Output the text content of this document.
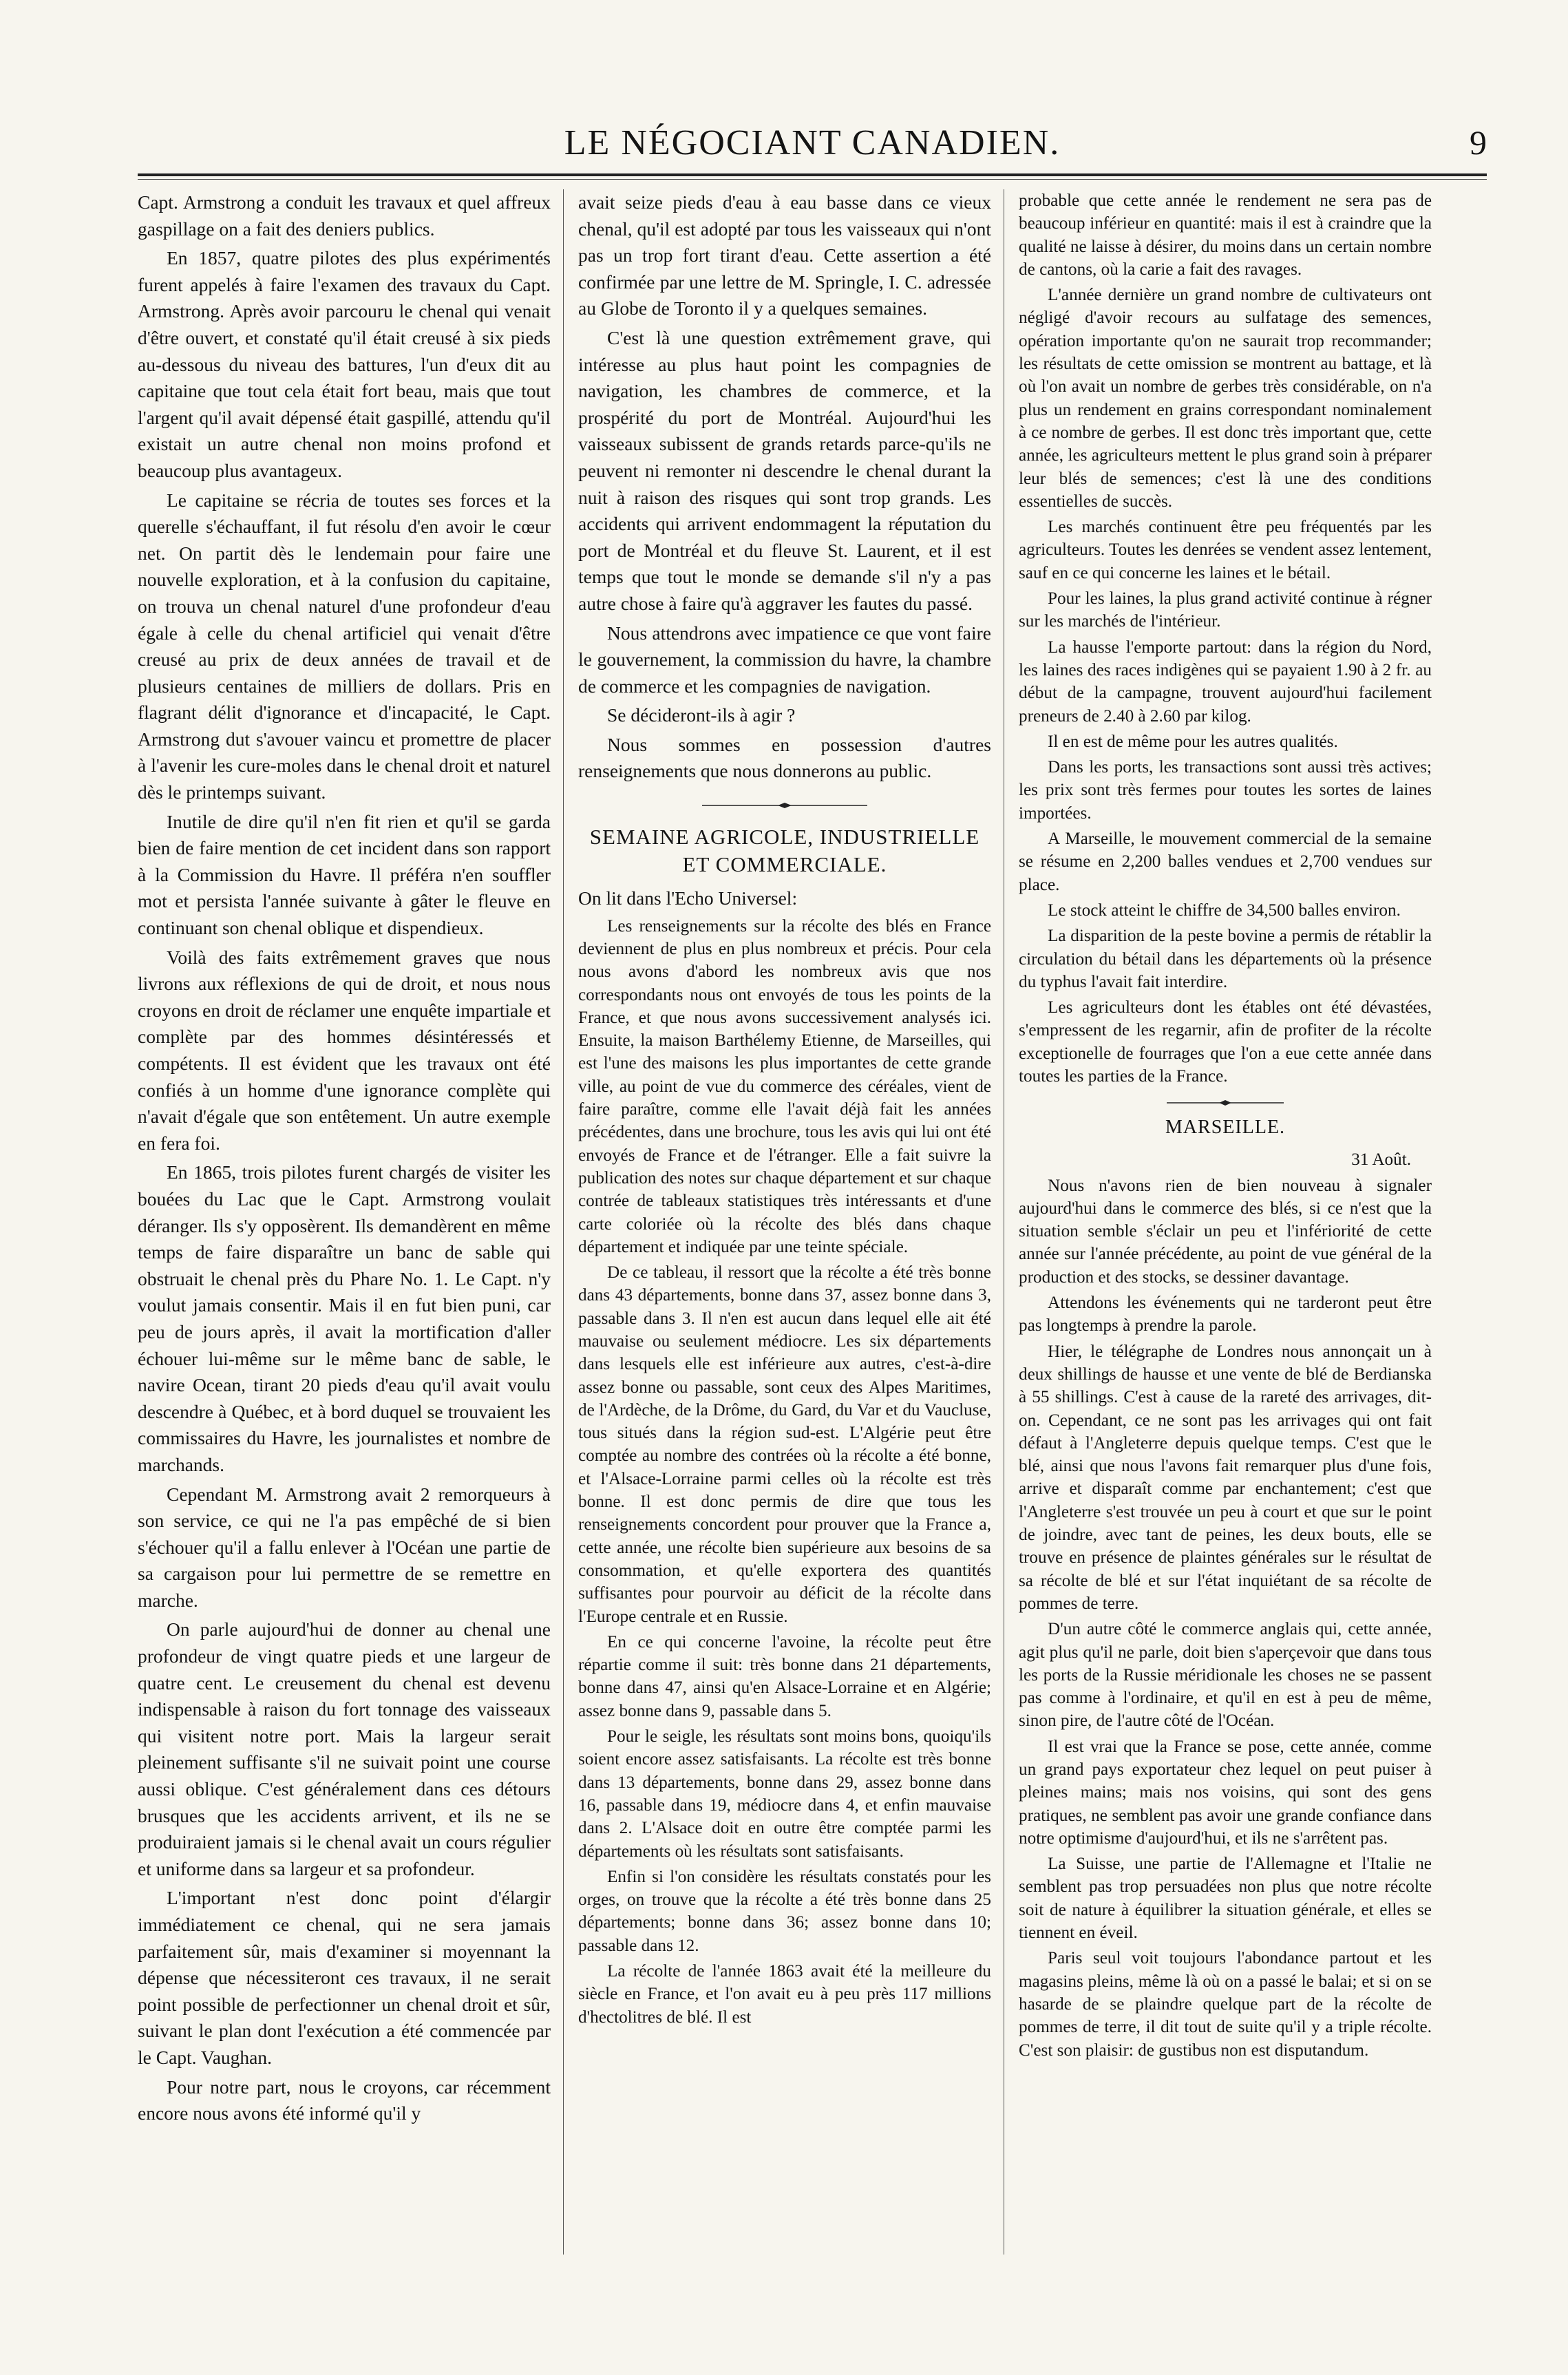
LE NÉGOCIANT CANADIEN.	9

Capt. Armstrong a conduit les travaux et quel affreux gaspillage on a fait des deniers publics.

En 1857, quatre pilotes des plus expérimentés furent appelés à faire l'examen des travaux du Capt. Armstrong. Après avoir parcouru le chenal qui venait d'être ouvert, et constaté qu'il était creusé à six pieds au-dessous du niveau des battures, l'un d'eux dit au capitaine que tout cela était fort beau, mais que tout l'argent qu'il avait dépensé était gaspillé, attendu qu'il existait un autre chenal non moins profond et beaucoup plus avantageux.

Le capitaine se récria de toutes ses forces et la querelle s'échauffant, il fut résolu d'en avoir le cœur net. On partit dès le lendemain pour faire une nouvelle exploration, et à la confusion du capitaine, on trouva un chenal naturel d'une profondeur d'eau égale à celle du chenal artificiel qui venait d'être creusé au prix de deux années de travail et de plusieurs centaines de milliers de dollars. Pris en flagrant délit d'ignorance et d'incapacité, le Capt. Armstrong dut s'avouer vaincu et promettre de placer à l'avenir les cure-moles dans le chenal droit et naturel dès le printemps suivant.

Inutile de dire qu'il n'en fit rien et qu'il se garda bien de faire mention de cet incident dans son rapport à la Commission du Havre. Il préféra n'en souffler mot et persista l'année suivante à gâter le fleuve en continuant son chenal oblique et dispendieux.

Voilà des faits extrêmement graves que nous livrons aux réflexions de qui de droit, et nous nous croyons en droit de réclamer une enquête impartiale et complète par des hommes désintéressés et compétents. Il est évident que les travaux ont été confiés à un homme d'une ignorance complète qui n'avait d'égale que son entêtement. Un autre exemple en fera foi.

En 1865, trois pilotes furent chargés de visiter les bouées du Lac que le Capt. Armstrong voulait déranger. Ils s'y opposèrent. Ils demandèrent en même temps de faire disparaître un banc de sable qui obstruait le chenal près du Phare No. 1. Le Capt. n'y voulut jamais consentir. Mais il en fut bien puni, car peu de jours après, il avait la mortification d'aller échouer lui-même sur le même banc de sable, le navire Ocean, tirant 20 pieds d'eau qu'il avait voulu descendre à Québec, et à bord duquel se trouvaient les commissaires du Havre, les journalistes et nombre de marchands.

Cependant M. Armstrong avait 2 remorqueurs à son service, ce qui ne l'a pas empêché de si bien s'échouer qu'il a fallu enlever à l'Océan une partie de sa cargaison pour lui permettre de se remettre en marche.

On parle aujourd'hui de donner au chenal une profondeur de vingt quatre pieds et une largeur de quatre cent. Le creusement du chenal est devenu indispensable à raison du fort tonnage des vaisseaux qui visitent notre port. Mais la largeur serait pleinement suffisante s'il ne suivait point une course aussi oblique. C'est généralement dans ces détours brusques que les accidents arrivent, et ils ne se produiraient jamais si le chenal avait un cours régulier et uniforme dans sa largeur et sa profondeur.

L'important n'est donc point d'élargir immédiatement ce chenal, qui ne sera jamais parfaitement sûr, mais d'examiner si moyennant la dépense que nécessiteront ces travaux, il ne serait point possible de perfectionner un chenal droit et sûr, suivant le plan dont l'exécution a été commencée par le Capt. Vaughan.

Pour notre part, nous le croyons, car récemment encore nous avons été informé qu'il y

avait seize pieds d'eau à eau basse dans ce vieux chenal, qu'il est adopté par tous les vaisseaux qui n'ont pas un trop fort tirant d'eau. Cette assertion a été confirmée par une lettre de M. Springle, I. C. adressée au Globe de Toronto il y a quelques semaines.

C'est là une question extrêmement grave, qui intéresse au plus haut point les compagnies de navigation, les chambres de commerce, et la prospérité du port de Montréal. Aujourd'hui les vaisseaux subissent de grands retards parce-qu'ils ne peuvent ni remonter ni descendre le chenal durant la nuit à raison des risques qui sont trop grands. Les accidents qui arrivent endommagent la réputation du port de Montréal et du fleuve St. Laurent, et il est temps que tout le monde se demande s'il n'y a pas autre chose à faire qu'à aggraver les fautes du passé.

Nous attendrons avec impatience ce que vont faire le gouvernement, la commission du havre, la chambre de commerce et les compagnies de navigation.

Se décideront-ils à agir ?

Nous sommes en possession d'autres renseignements que nous donnerons au public.

SEMAINE AGRICOLE, INDUSTRIELLE ET COMMERCIALE.

On lit dans l'Echo Universel:

Les renseignements sur la récolte des blés en France deviennent de plus en plus nombreux et précis. Pour cela nous avons d'abord les nombreux avis que nos correspondants nous ont envoyés de tous les points de la France, et que nous avons successivement analysés ici. Ensuite, la maison Barthélemy Etienne, de Marseilles, qui est l'une des maisons les plus importantes de cette grande ville, au point de vue du commerce des céréales, vient de faire paraître, comme elle l'avait déjà fait les années précédentes, dans une brochure, tous les avis qui lui ont été envoyés de France et de l'étranger. Elle a fait suivre la publication des notes sur chaque département et sur chaque contrée de tableaux statistiques très intéressants et d'une carte coloriée où la récolte des blés dans chaque département et indiquée par une teinte spéciale.

De ce tableau, il ressort que la récolte a été très bonne dans 43 départements, bonne dans 37, assez bonne dans 3, passable dans 3. Il n'en est aucun dans lequel elle ait été mauvaise ou seulement médiocre. Les six départements dans lesquels elle est inférieure aux autres, c'est-à-dire assez bonne ou passable, sont ceux des Alpes Maritimes, de l'Ardèche, de la Drôme, du Gard, du Var et du Vaucluse, tous situés dans la région sud-est. L'Algérie peut être comptée au nombre des contrées où la récolte a été bonne, et l'Alsace-Lorraine parmi celles où la récolte est très bonne. Il est donc permis de dire que tous les renseignements concordent pour prouver que la France a, cette année, une récolte bien supérieure aux besoins de sa consommation, et qu'elle exportera des quantités suffisantes pour pourvoir au déficit de la récolte dans l'Europe centrale et en Russie.

En ce qui concerne l'avoine, la récolte peut être répartie comme il suit: très bonne dans 21 départements, bonne dans 47, ainsi qu'en Alsace-Lorraine et en Algérie; assez bonne dans 9, passable dans 5.

Pour le seigle, les résultats sont moins bons, quoiqu'ils soient encore assez satisfaisants. La récolte est très bonne dans 13 départements, bonne dans 29, assez bonne dans 16, passable dans 19, médiocre dans 4, et enfin mauvaise dans 2. L'Alsace doit en outre être comptée parmi les départements où les résultats sont satisfaisants.

Enfin si l'on considère les résultats constatés pour les orges, on trouve que la récolte a été très bonne dans 25 départements; bonne dans 36; assez bonne dans 10; passable dans 12.

La récolte de l'année 1863 avait été la meilleure du siècle en France, et l'on avait eu à peu près 117 millions d'hectolitres de blé. Il est

probable que cette année le rendement ne sera pas de beaucoup inférieur en quantité: mais il est à craindre que la qualité ne laisse à désirer, du moins dans un certain nombre de cantons, où la carie a fait des ravages.

L'année dernière un grand nombre de cultivateurs ont négligé d'avoir recours au sulfatage des semences, opération importante qu'on ne saurait trop recommander; les résultats de cette omission se montrent au battage, et là où l'on avait un nombre de gerbes très considérable, on n'a plus un rendement en grains correspondant nominalement à ce nombre de gerbes. Il est donc très important que, cette année, les agriculteurs mettent le plus grand soin à préparer leur blés de semences; c'est là une des conditions essentielles de succès.

Les marchés continuent être peu fréquentés par les agriculteurs. Toutes les denrées se vendent assez lentement, sauf en ce qui concerne les laines et le bétail.

Pour les laines, la plus grand activité continue à régner sur les marchés de l'intérieur.

La hausse l'emporte partout: dans la région du Nord, les laines des races indigènes qui se payaient 1.90 à 2 fr. au début de la campagne, trouvent aujourd'hui facilement preneurs de 2.40 à 2.60 par kilog.

Il en est de même pour les autres qualités.

Dans les ports, les transactions sont aussi très actives; les prix sont très fermes pour toutes les sortes de laines importées.

A Marseille, le mouvement commercial de la semaine se résume en 2,200 balles vendues et 2,700 vendues sur place.

Le stock atteint le chiffre de 34,500 balles environ.

La disparition de la peste bovine a permis de rétablir la circulation du bétail dans les départements où la présence du typhus l'avait fait interdire.

Les agriculteurs dont les étables ont été dévastées, s'empressent de les regarnir, afin de profiter de la récolte exceptionelle de fourrages que l'on a eue cette année dans toutes les parties de la France.

MARSEILLE.

31 Août.

Nous n'avons rien de bien nouveau à signaler aujourd'hui dans le commerce des blés, si ce n'est que la situation semble s'éclair un peu et l'infériorité de cette année sur l'année précédente, au point de vue général de la production et des stocks, se dessiner davantage.

Attendons les événements qui ne tarderont peut être pas longtemps à prendre la parole.

Hier, le télégraphe de Londres nous annonçait un à deux shillings de hausse et une vente de blé de Berdianska à 55 shillings. C'est à cause de la rareté des arrivages, dit-on. Cependant, ce ne sont pas les arrivages qui ont fait défaut à l'Angleterre depuis quelque temps. C'est que le blé, ainsi que nous l'avons fait remarquer plus d'une fois, arrive et disparaît comme par enchantement; c'est que l'Angleterre s'est trouvée un peu à court et que sur le point de joindre, avec tant de peines, les deux bouts, elle se trouve en présence de plaintes générales sur le résultat de sa récolte de blé et sur l'état inquiétant de sa récolte de pommes de terre.

D'un autre côté le commerce anglais qui, cette année, agit plus qu'il ne parle, doit bien s'aperçevoir que dans tous les ports de la Russie méridionale les choses ne se passent pas comme à l'ordinaire, et qu'il en est à peu de même, sinon pire, de l'autre côté de l'Océan.

Il est vrai que la France se pose, cette année, comme un grand pays exportateur chez lequel on peut puiser à pleines mains; mais nos voisins, qui sont des gens pratiques, ne semblent pas avoir une grande confiance dans notre optimisme d'aujourd'hui, et ils ne s'arrêtent pas.

La Suisse, une partie de l'Allemagne et l'Italie ne semblent pas trop persuadées non plus que notre récolte soit de nature à équilibrer la situation générale, et elles se tiennent en éveil.

Paris seul voit toujours l'abondance partout et les magasins pleins, même là où on a passé le balai; et si on se hasarde de se plaindre quelque part de la récolte de pommes de terre, il dit tout de suite qu'il y a triple récolte. C'est son plaisir: de gustibus non est disputandum.
